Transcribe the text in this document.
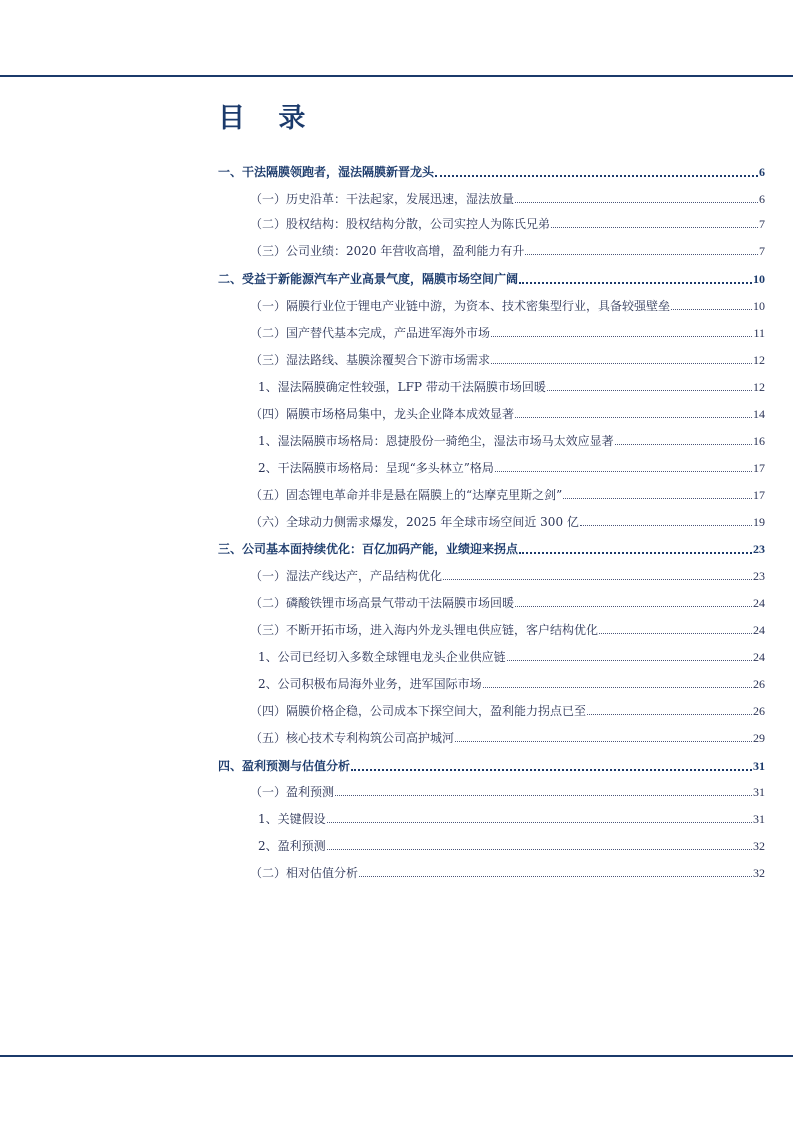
目 录
一、干法隔膜领跑者，湿法隔膜新晋龙头	6
（一）历史沿革：干法起家，发展迅速，湿法放量	6
（二）股权结构：股权结构分散，公司实控人为陈氏兄弟	7
（三）公司业绩：2020 年营收高增，盈利能力有升	7
二、受益于新能源汽车产业高景气度，隔膜市场空间广阔	10
（一）隔膜行业位于锂电产业链中游，为资本、技术密集型行业，具备较强壁垒	10
（二）国产替代基本完成，产品进军海外市场	11
（三）湿法路线、基膜涂覆契合下游市场需求	12
1、湿法隔膜确定性较强，LFP 带动干法隔膜市场回暖	12
（四）隔膜市场格局集中，龙头企业降本成效显著	14
1、湿法隔膜市场格局：恩捷股份一骑绝尘，湿法市场马太效应显著	16
2、干法隔膜市场格局：呈现“多头林立”格局	17
（五）固态锂电革命并非是悬在隔膜上的“达摩克里斯之剑”	17
（六）全球动力侧需求爆发，2025 年全球市场空间近 300 亿	19
三、公司基本面持续优化：百亿加码产能，业绩迎来拐点	23
（一）湿法产线达产，产品结构优化	23
（二）磷酸铁锂市场高景气带动干法隔膜市场回暖	24
（三）不断开拓市场，进入海内外龙头锂电供应链，客户结构优化	24
1、公司已经切入多数全球锂电龙头企业供应链	24
2、公司积极布局海外业务，进军国际市场	26
（四）隔膜价格企稳，公司成本下探空间大，盈利能力拐点已至	26
（五）核心技术专利构筑公司高护城河	29
四、盈利预测与估值分析	31
（一）盈利预测	31
1、关键假设	31
2、盈利预测	32
（二）相对估值分析	32
